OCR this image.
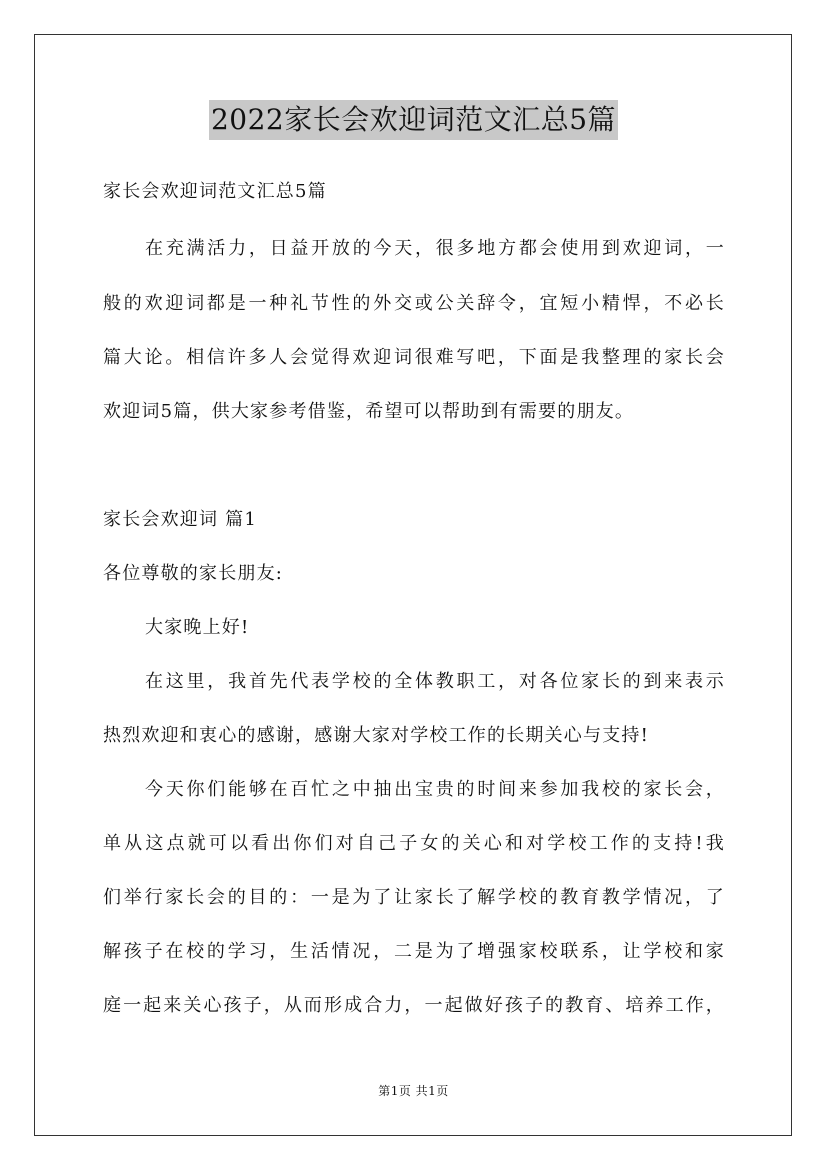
2022家长会欢迎词范文汇总5篇
家长会欢迎词范文汇总5篇
在充满活力，日益开放的今天，很多地方都会使用到欢迎词，一
般的欢迎词都是一种礼节性的外交或公关辞令，宜短小精悍，不必长
篇大论。相信许多人会觉得欢迎词很难写吧，下面是我整理的家长会
欢迎词5篇，供大家参考借鉴，希望可以帮助到有需要的朋友。
家长会欢迎词 篇1
各位尊敬的家长朋友:
大家晚上好!
在这里，我首先代表学校的全体教职工，对各位家长的到来表示
热烈欢迎和衷心的感谢，感谢大家对学校工作的长期关心与支持!
今天你们能够在百忙之中抽出宝贵的时间来参加我校的家长会，
单从这点就可以看出你们对自己子女的关心和对学校工作的支持!我
们举行家长会的目的：一是为了让家长了解学校的教育教学情况，了
解孩子在校的学习，生活情况，二是为了增强家校联系，让学校和家
庭一起来关心孩子，从而形成合力，一起做好孩子的教育、培养工作，
第1页 共1页
